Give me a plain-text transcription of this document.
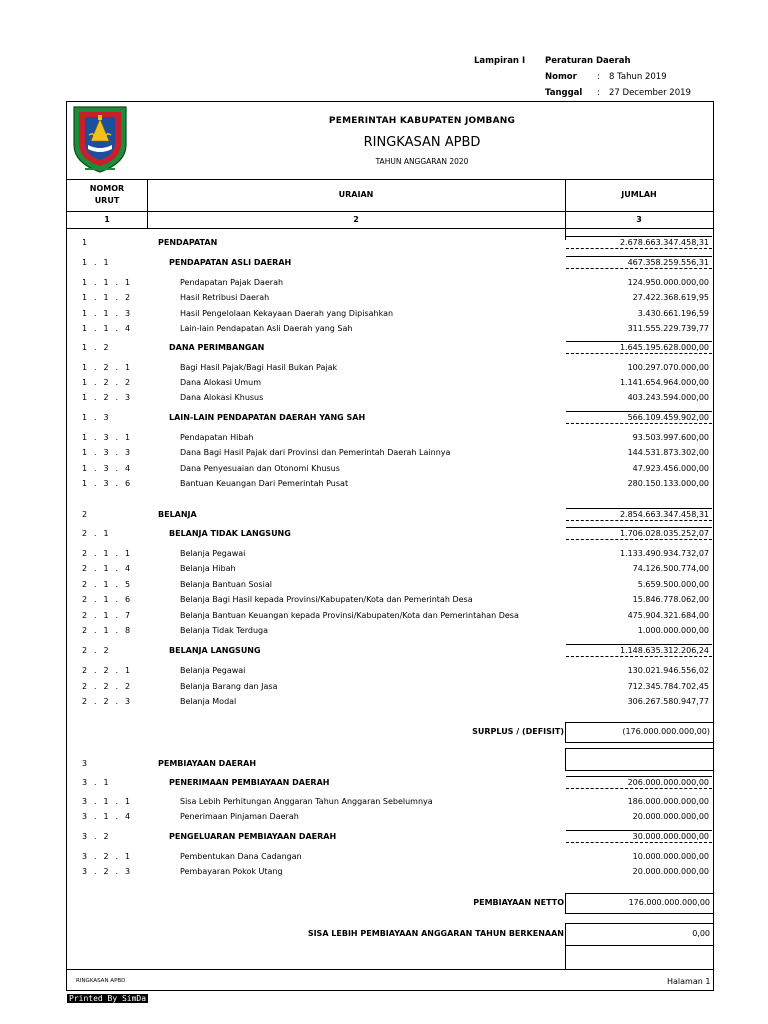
Lampiran I Peraturan Daerah
Nomor : 8 Tahun 2019
Tanggal : 27 December 2019
PEMERINTAH KABUPATEN JOMBANG
RINGKASAN APBD
TAHUN ANGGARAN 2020
NOMOR
URUT
URAIAN	JUMLAH
1	2	3
1	PENDAPATAN	2.678.663.347.458,31
1 . 1	PENDAPATAN ASLI DAERAH	467.358.259.556,31
1 . 1 . 1	Pendapatan Pajak Daerah	124.950.000.000,00
1 . 1 . 2	Hasil Retribusi Daerah	27.422.368.619,95
1 . 1 . 3	Hasil Pengelolaan Kekayaan Daerah yang Dipisahkan	3.430.661.196,59
1 . 1 . 4	Lain-lain Pendapatan Asli Daerah yang Sah	311.555.229.739,77
1 . 2	DANA PERIMBANGAN	1.645.195.628.000,00
1 . 2 . 1	Bagi Hasil Pajak/Bagi Hasil Bukan Pajak	100.297.070.000,00
1 . 2 . 2	Dana Alokasi Umum	1.141.654.964.000,00
1 . 2 . 3	Dana Alokasi Khusus	403.243.594.000,00
1 . 3	LAIN-LAIN PENDAPATAN DAERAH YANG SAH	566.109.459.902,00
1 . 3 . 1	Pendapatan Hibah	93.503.997.600,00
1 . 3 . 3	Dana Bagi Hasil Pajak dari Provinsi dan Pemerintah Daerah Lainnya	144.531.873.302,00
1 . 3 . 4	Dana Penyesuaian dan Otonomi Khusus	47.923.456.000,00
1 . 3 . 6	Bantuan Keuangan Dari Pemerintah Pusat	280.150.133.000,00
2	BELANJA	2.854.663.347.458,31
2 . 1	BELANJA TIDAK LANGSUNG	1.706.028.035.252,07
2 . 1 . 1	Belanja Pegawai	1.133.490.934.732,07
2 . 1 . 4	Belanja Hibah	74.126.500.774,00
2 . 1 . 5	Belanja Bantuan Sosial	5.659.500.000,00
2 . 1 . 6	Belanja Bagi Hasil kepada Provinsi/Kabupaten/Kota dan Pemerintah Desa	15.846.778.062,00
2 . 1 . 7	Belanja Bantuan Keuangan kepada Provinsi/Kabupaten/Kota dan Pemerintahan Desa	475.904.321.684,00
2 . 1 . 8	Belanja Tidak Terduga	1.000.000.000,00
2 . 2	BELANJA LANGSUNG	1.148.635.312.206,24
2 . 2 . 1	Belanja Pegawai	130.021.946.556,02
2 . 2 . 2	Belanja Barang dan Jasa	712.345.784.702,45
2 . 2 . 3	Belanja Modal	306.267.580.947,77
3	PEMBIAYAAN DAERAH
3 . 1	PENERIMAAN PEMBIAYAAN DAERAH	206.000.000.000,00
3 . 1 . 1	Sisa Lebih Perhitungan Anggaran Tahun Anggaran Sebelumnya	186.000.000.000,00
3 . 1 . 4	Penerimaan Pinjaman Daerah	20.000.000.000,00
3 . 2	PENGELUARAN PEMBIAYAAN DAERAH	30.000.000.000,00
3 . 2 . 1	Pembentukan Dana Cadangan	10.000.000.000,00
3 . 2 . 3	Pembayaran Pokok Utang	20.000.000.000,00
SURPLUS / (DEFISIT)	(176.000.000.000,00)
PEMBIAYAAN NETTO	176.000.000.000,00
SISA LEBIH PEMBIAYAAN ANGGARAN TAHUN BERKENAAN	0,00
RINGKASAN APBD	Halaman 1
Printed By SimDa
